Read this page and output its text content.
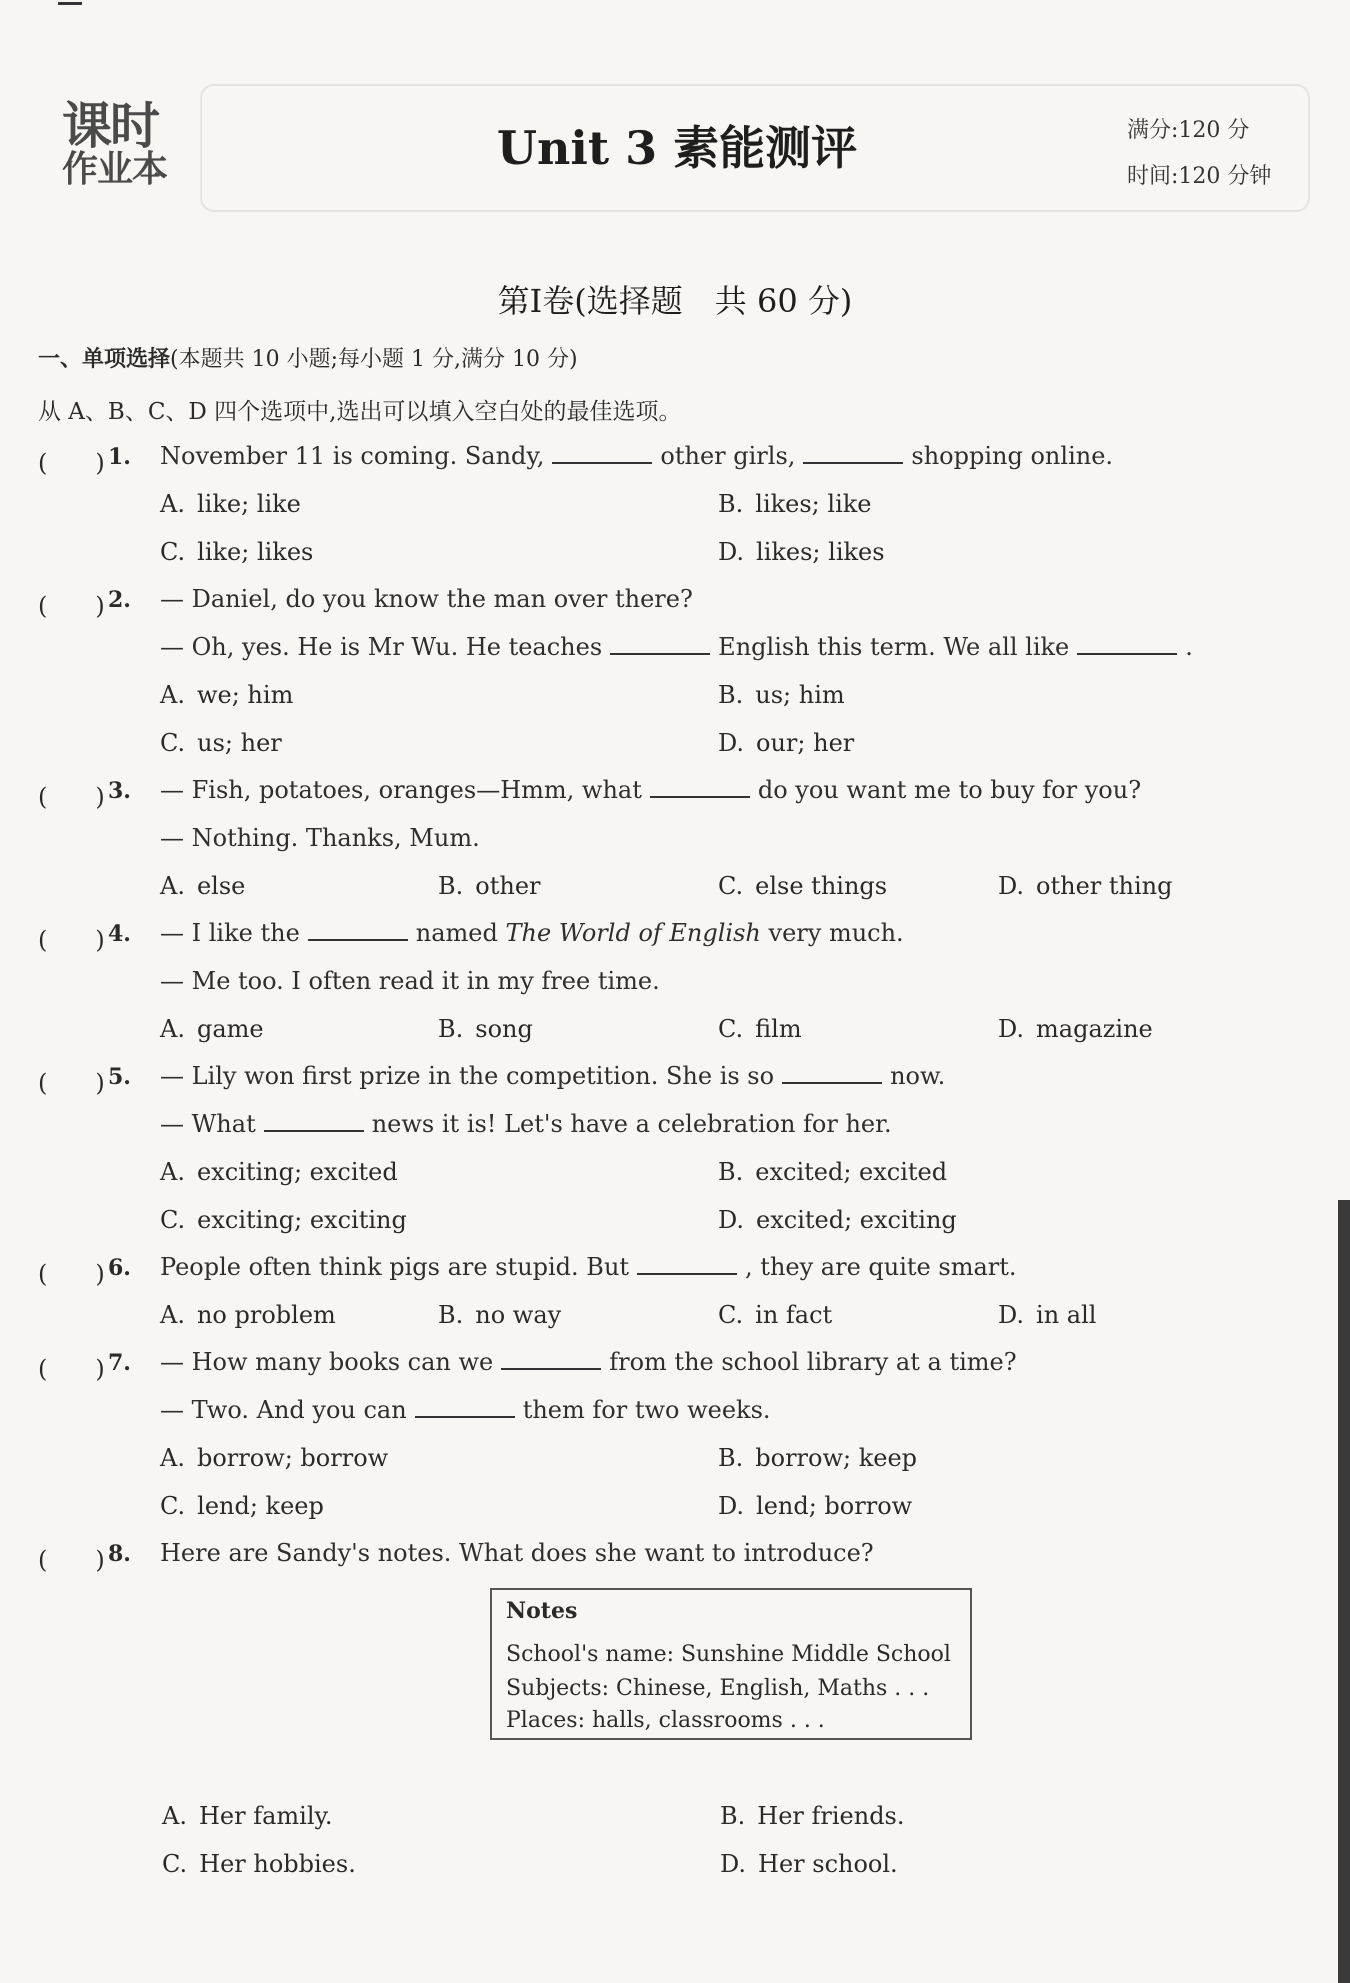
课时
作业本	Unit 3 素能测评	满分:120 分
时间:120 分钟
第Ⅰ卷(选择题　共 60 分)
一、单项选择(本题共 10 小题;每小题 1 分,满分 10 分)
从 A、B、C、D 四个选项中,选出可以填入空白处的最佳选项。
(　　) 1. November 11 is coming. Sandy,	other girls,	shopping online.
A. like; like	B. likes; like
C. like; likes	D. likes; likes
(　　) 2. — Daniel, do you know the man over there?
— Oh, yes. He is Mr Wu. He teaches	English this term. We all like	.
A. we; him	B. us; him
C. us; her	D. our; her
(　　) 3. — Fish, potatoes, oranges—Hmm, what	do you want me to buy for you?
— Nothing. Thanks, Mum.
A. else	B. other	C. else things	D. other thing
(　　) 4. — I like the	named The World of English very much.
— Me too. I often read it in my free time.
A. game	B. song	C. film	D. magazine
(　　) 5. — Lily won first prize in the competition. She is so	now.
— What	news it is! Let's have a celebration for her.
A. exciting; excited	B. excited; excited
C. exciting; exciting	D. excited; exciting
(　　) 6. People often think pigs are stupid. But	, they are quite smart.
A. no problem	B. no way	C. in fact	D. in all
(　　) 7. — How many books can we	from the school library at a time?
— Two. And you can	them for two weeks.
A. borrow; borrow	B. borrow; keep
C. lend; keep	D. lend; borrow
(　　) 8. Here are Sandy's notes. What does she want to introduce?
Notes
School's name: Sunshine Middle School
Subjects: Chinese, English, Maths . . .
Places: halls, classrooms . . .
A. Her family.	B. Her friends.
C. Her hobbies.	D. Her school.
